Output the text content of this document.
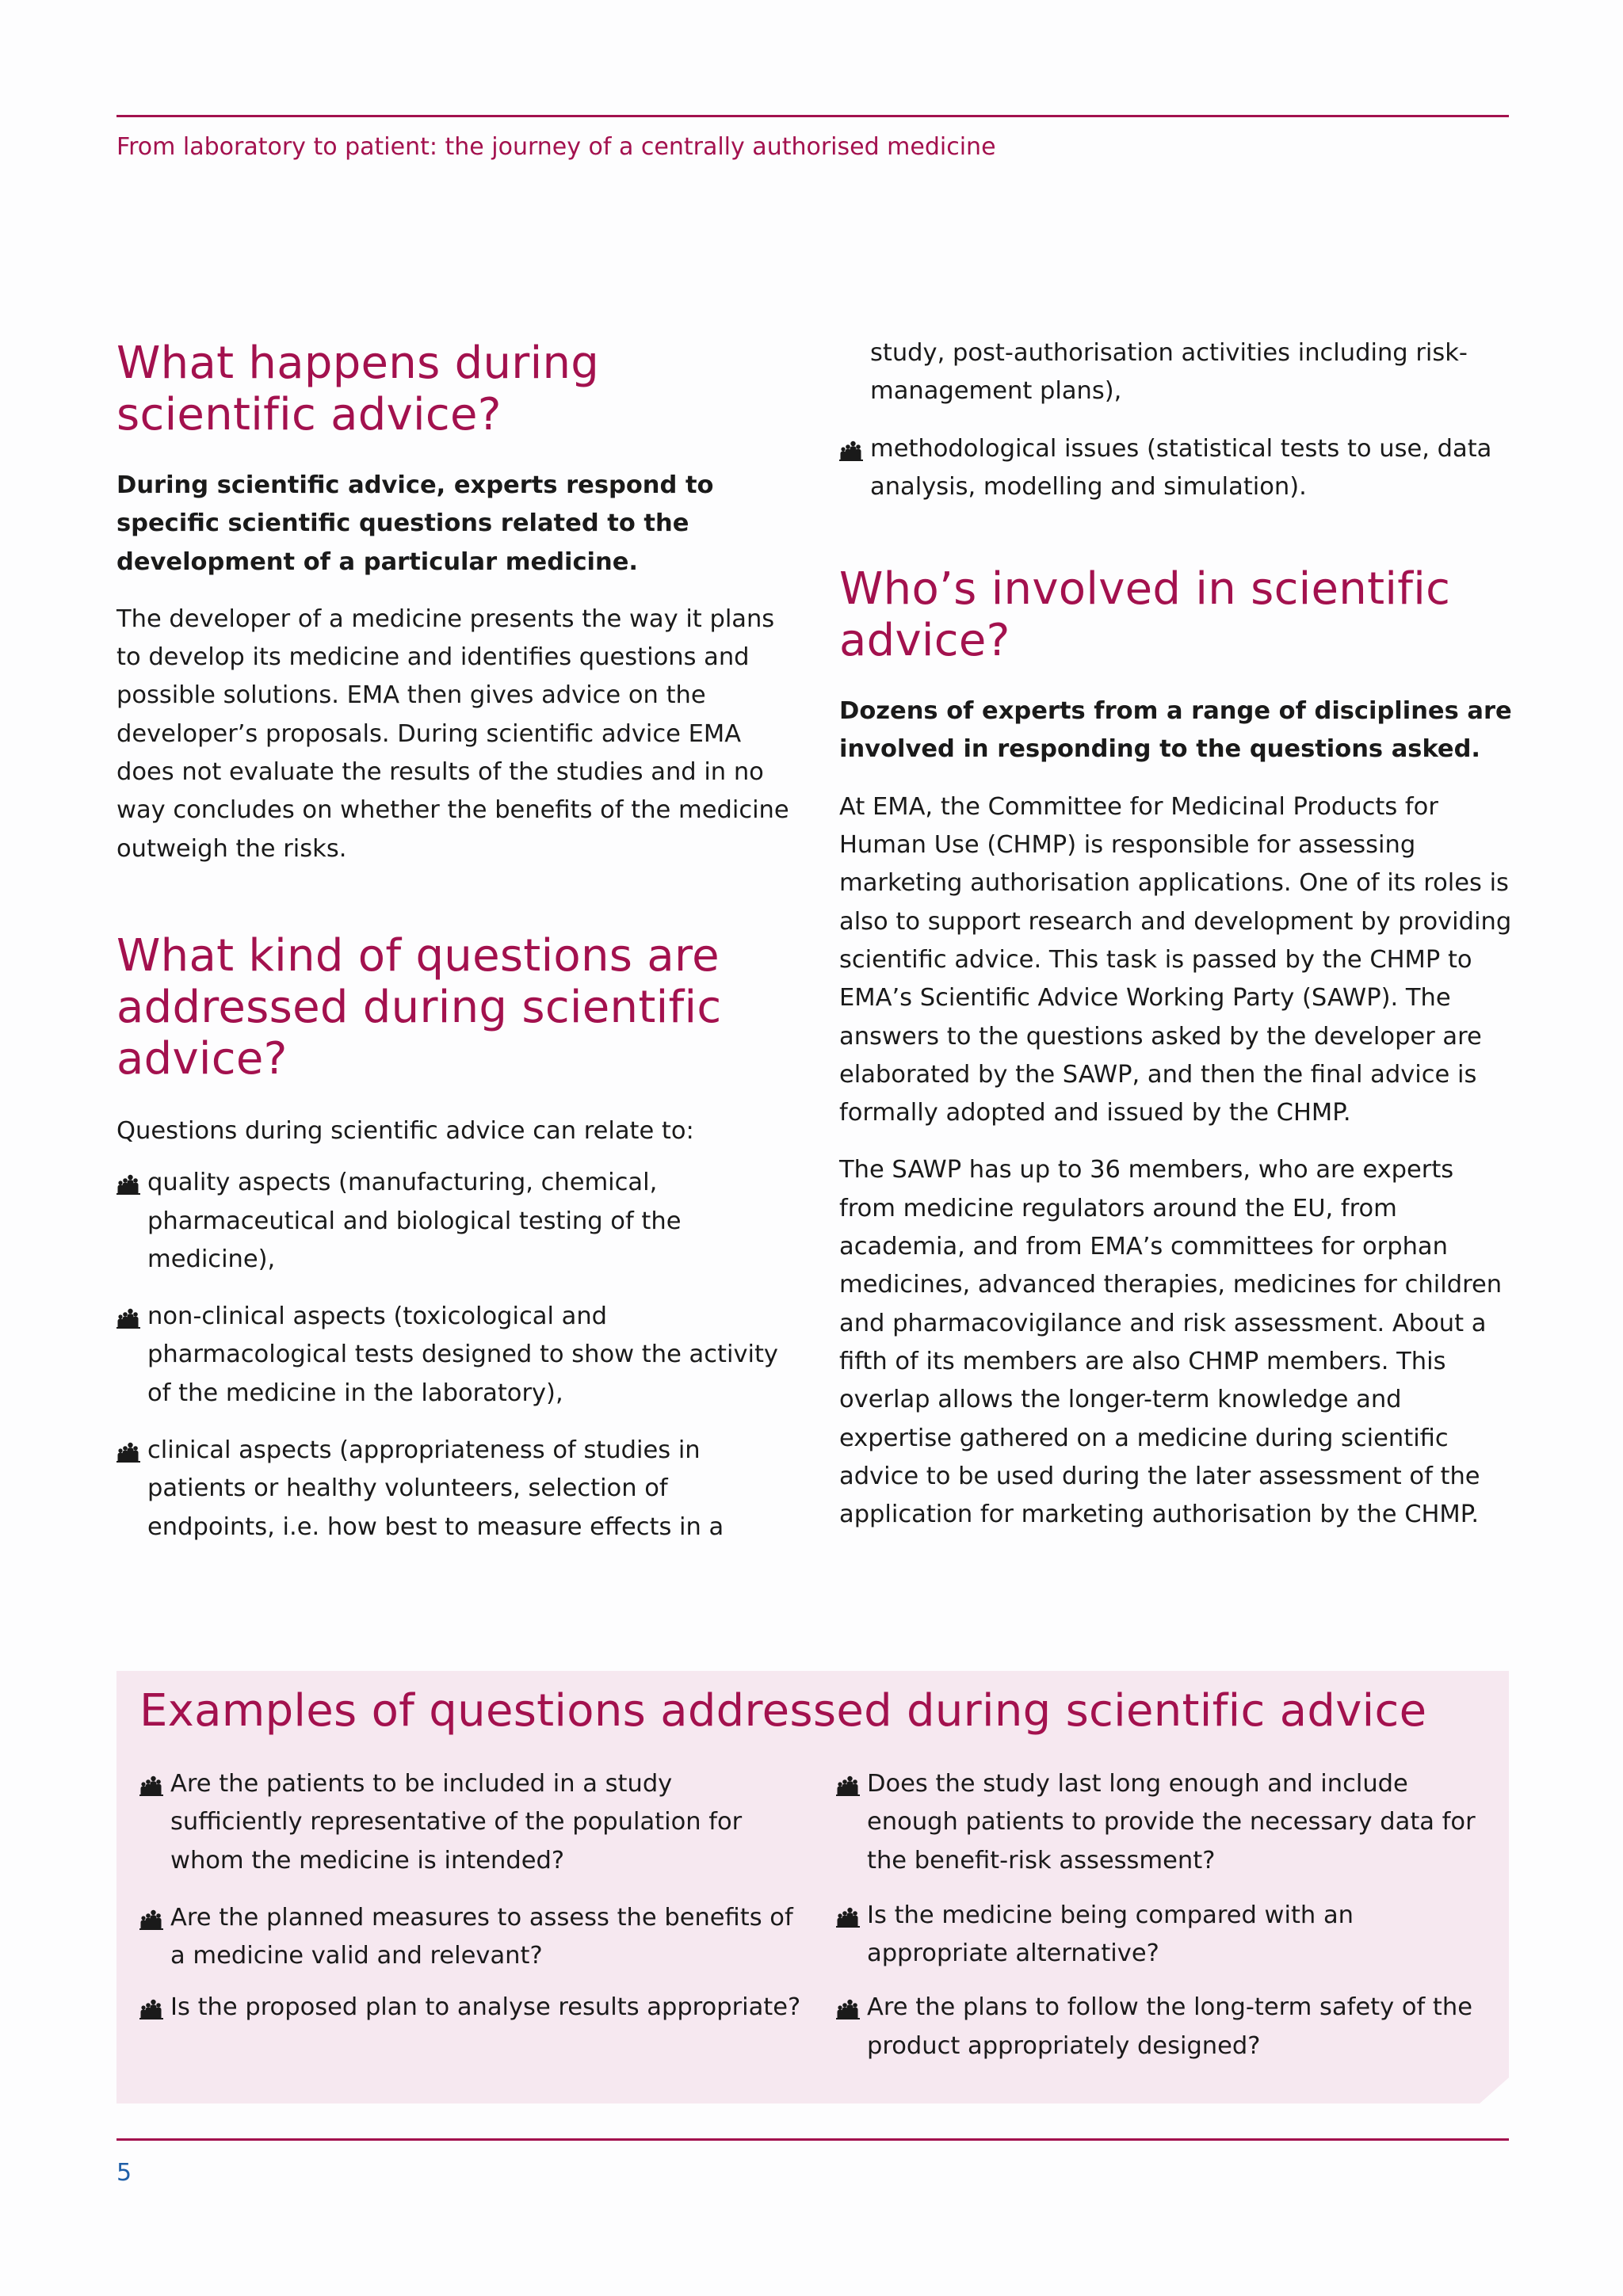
From laboratory to patient: the journey of a centrally authorised medicine
What happens during scientific advice?

During scientific advice, experts respond to specific scientific questions related to the development of a particular medicine.

The developer of a medicine presents the way it plans to develop its medicine and identifies questions and possible solutions. EMA then gives advice on the developer’s proposals. During scientific advice EMA does not evaluate the results of the studies and in no way concludes on whether the benefits of the medicine outweigh the risks.

What kind of questions are addressed during scientific advice?

Questions during scientific advice can relate to:

quality aspects (manufacturing, chemical, pharmaceutical and biological testing of the medicine),
non-clinical aspects (toxicological and pharmacological tests designed to show the activity of the medicine in the laboratory),
clinical aspects (appropriateness of studies in patients or healthy volunteers, selection of endpoints, i.e. how best to measure effects in a
study, post-authorisation activities including risk-management plans),
methodological issues (statistical tests to use, data analysis, modelling and simulation).
Who’s involved in scientific advice?

Dozens of experts from a range of disciplines are involved in responding to the questions asked.

At EMA, the Committee for Medicinal Products for Human Use (CHMP) is responsible for assessing marketing authorisation applications. One of its roles is also to support research and development by providing scientific advice. This task is passed by the CHMP to EMA’s Scientific Advice Working Party (SAWP). The answers to the questions asked by the developer are elaborated by the SAWP, and then the final advice is formally adopted and issued by the CHMP.

The SAWP has up to 36 members, who are experts from medicine regulators around the EU, from academia, and from EMA’s committees for orphan medicines, advanced therapies, medicines for children and pharmacovigilance and risk assessment. About a fifth of its members are also CHMP members. This overlap allows the longer-term knowledge and expertise gathered on a medicine during scientific advice to be used during the later assessment of the application for marketing authorisation by the CHMP.

Examples of questions addressed during scientific advice
Are the patients to be included in a study sufficiently representative of the population for whom the medicine is intended?
Are the planned measures to assess the benefits of a medicine valid and relevant?
Is the proposed plan to analyse results appropriate?
Does the study last long enough and include enough patients to provide the necessary data for the benefit-risk assessment?
Is the medicine being compared with an appropriate alternative?
Are the plans to follow the long-term safety of the product appropriately designed?
5
